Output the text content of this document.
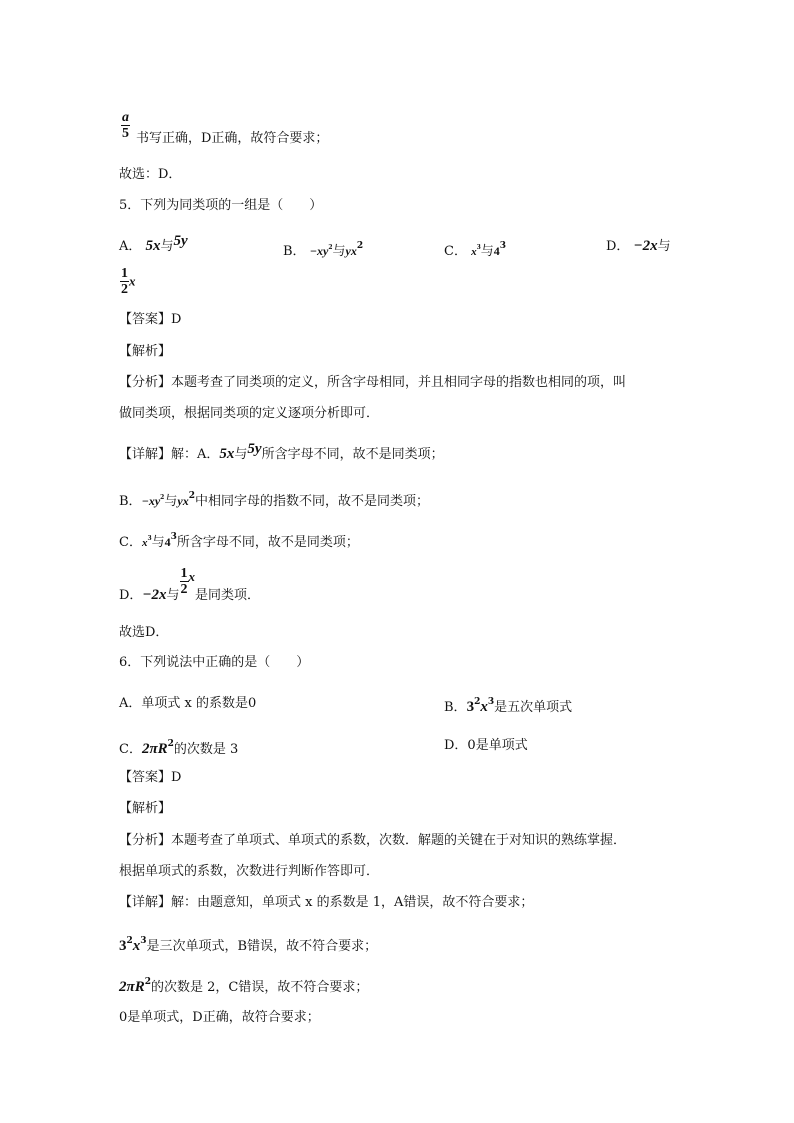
$\frac{a}{5}$ 书写正确，D正确，故符合要求；
故选：D．
5．下列为同类项的一组是（　　）
A． 5x与5y
B． $-xy^2$与$yx^2$	C． $x^3$与$4^3$	D． −2x与
$\frac{1}{2}$ x
【答案】D
【解析】
【分析】本题考查了同类项的定义，所含字母相同，并且相同字母的指数也相同的项，叫
做同类项，根据同类项的定义逐项分析即可．
【详解】解：A．5x与5y所含字母不同，故不是同类项；
B．$-xy^2$与$yx^2$中相同字母的指数不同，故不是同类项；
C．$x^3$与$4^3$所含字母不同，故不是同类项；
D．−2x与 $\frac{1}{2}$ x是同类项．
故选D．
6．下列说法中正确的是（　　）
A．单项式 x 的系数是0	B．$3^2x^3$是五次单项式
C．$2\pi R^2$的次数是 3	D．0是单项式
【答案】D
【解析】
【分析】本题考查了单项式、单项式的系数，次数．解题的关键在于对知识的熟练掌握．
根据单项式的系数，次数进行判断作答即可．
【详解】解：由题意知，单项式 x 的系数是 1，A错误，故不符合要求；
$3^2x^3$是三次单项式，B错误，故不符合要求；
$2\pi R^2$的次数是 2，C错误，故不符合要求；
0是单项式，D正确，故符合要求；
